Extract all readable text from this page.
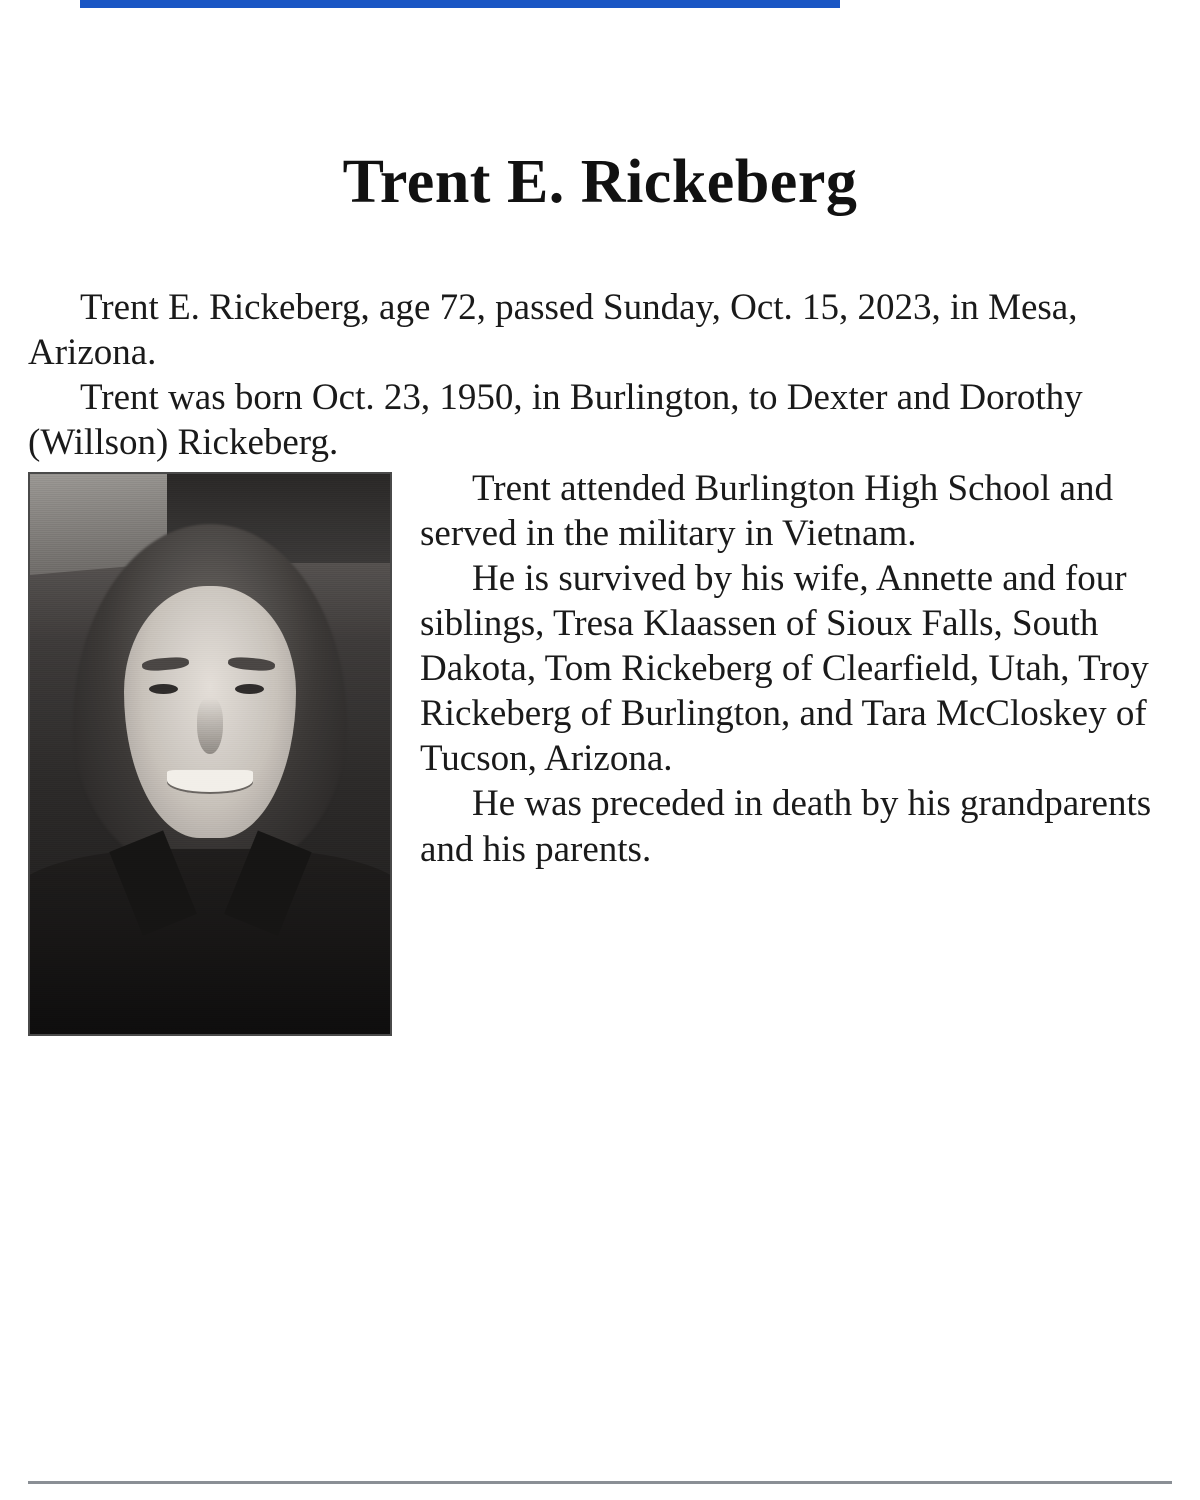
Trent E. Rickeberg

Trent E. Rickeberg, age 72, passed Sunday, Oct. 15, 2023, in Mesa, Arizona.

Trent was born Oct. 23, 1950, in Burlington, to Dexter and Dorothy (Willson) Rickeberg.

Trent attended Burlington High School and served in the military in Vietnam.

He is survived by his wife, Annette and four siblings, Tresa Klaassen of Sioux Falls, South Dakota, Tom Rickeberg of Clearfield, Utah, Troy Rickeberg of Burlington, and Tara McCloskey of Tucson, Arizona.

He was preceded in death by his grandparents and his parents.
